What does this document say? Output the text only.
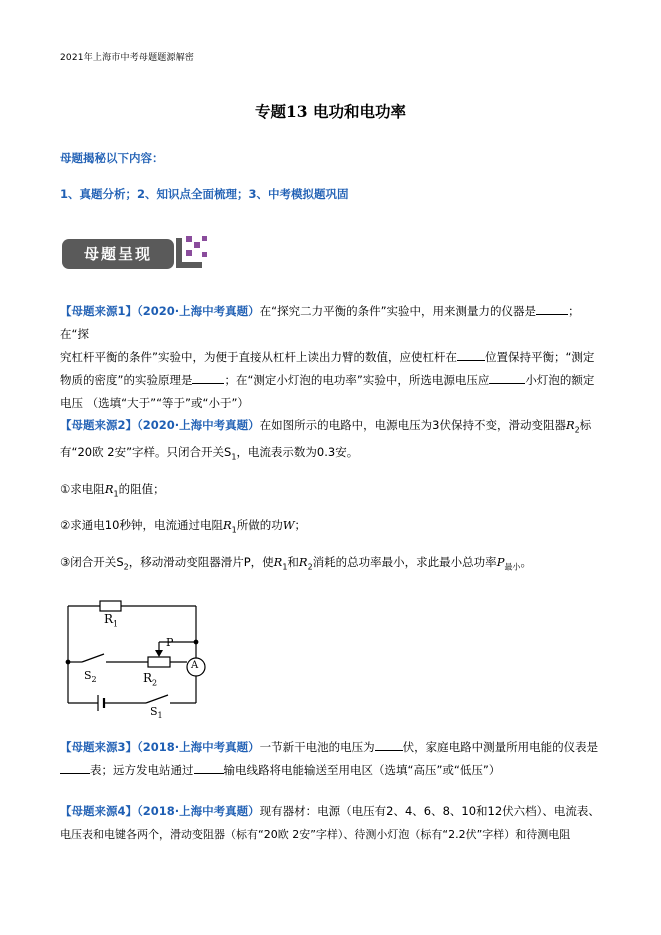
2021年上海市中考母题题源解密
专题13 电功和电功率
母题揭秘以下内容：
1、真题分析；2、知识点全面梳理；3、中考模拟题巩固
母题呈现
【母题来源1】（2020·上海中考真题）在“探究二力平衡的条件”实验中，用来测量力的仪器是	；在“探
究杠杆平衡的条件”实验中，为便于直接从杠杆上读出力臂的数值，应使杠杆在 位置保持平衡；“测定
物质的密度”的实验原理是	；在“测定小灯泡的电功率”实验中，所选电源电压应	小灯泡的额定
电压 （选填“大于”“等于”或“小于”）
【母题来源2】（2020·上海中考真题）在如图所示的电路中，电源电压为3伏保持不变，滑动变阻器$R_2$标
有“20欧 2安”字样。只闭合开关$S_1$，电流表示数为0.3安。
①求电阻$R_1$的阻值；
②求通电10秒钟，电流通过电阻$R_1$所做的功W；
③闭合开关$S_2$，移动滑动变阻器滑片P，使$R_1$和$R_2$消耗的总功率最小，求此最小总功率$P_{最小}$。
$R_1$
P
A
$R_2$
$S_2$
$S_1$
【母题来源3】（2018·上海中考真题）一节新干电池的电压为 伏，家庭电路中测量所用电能的仪表是
表；远方发电站通过	输电线路将电能输送至用电区（选填“高压”或“低压”）
【母题来源4】（2018·上海中考真题）现有器材：电源（电压有2、4、6、8、10和12伏六档）、电流表、
电压表和电键各两个，滑动变阻器（标有“20欧 2安”字样）、待测小灯泡（标有“2.2伏”字样）和待测电阻
